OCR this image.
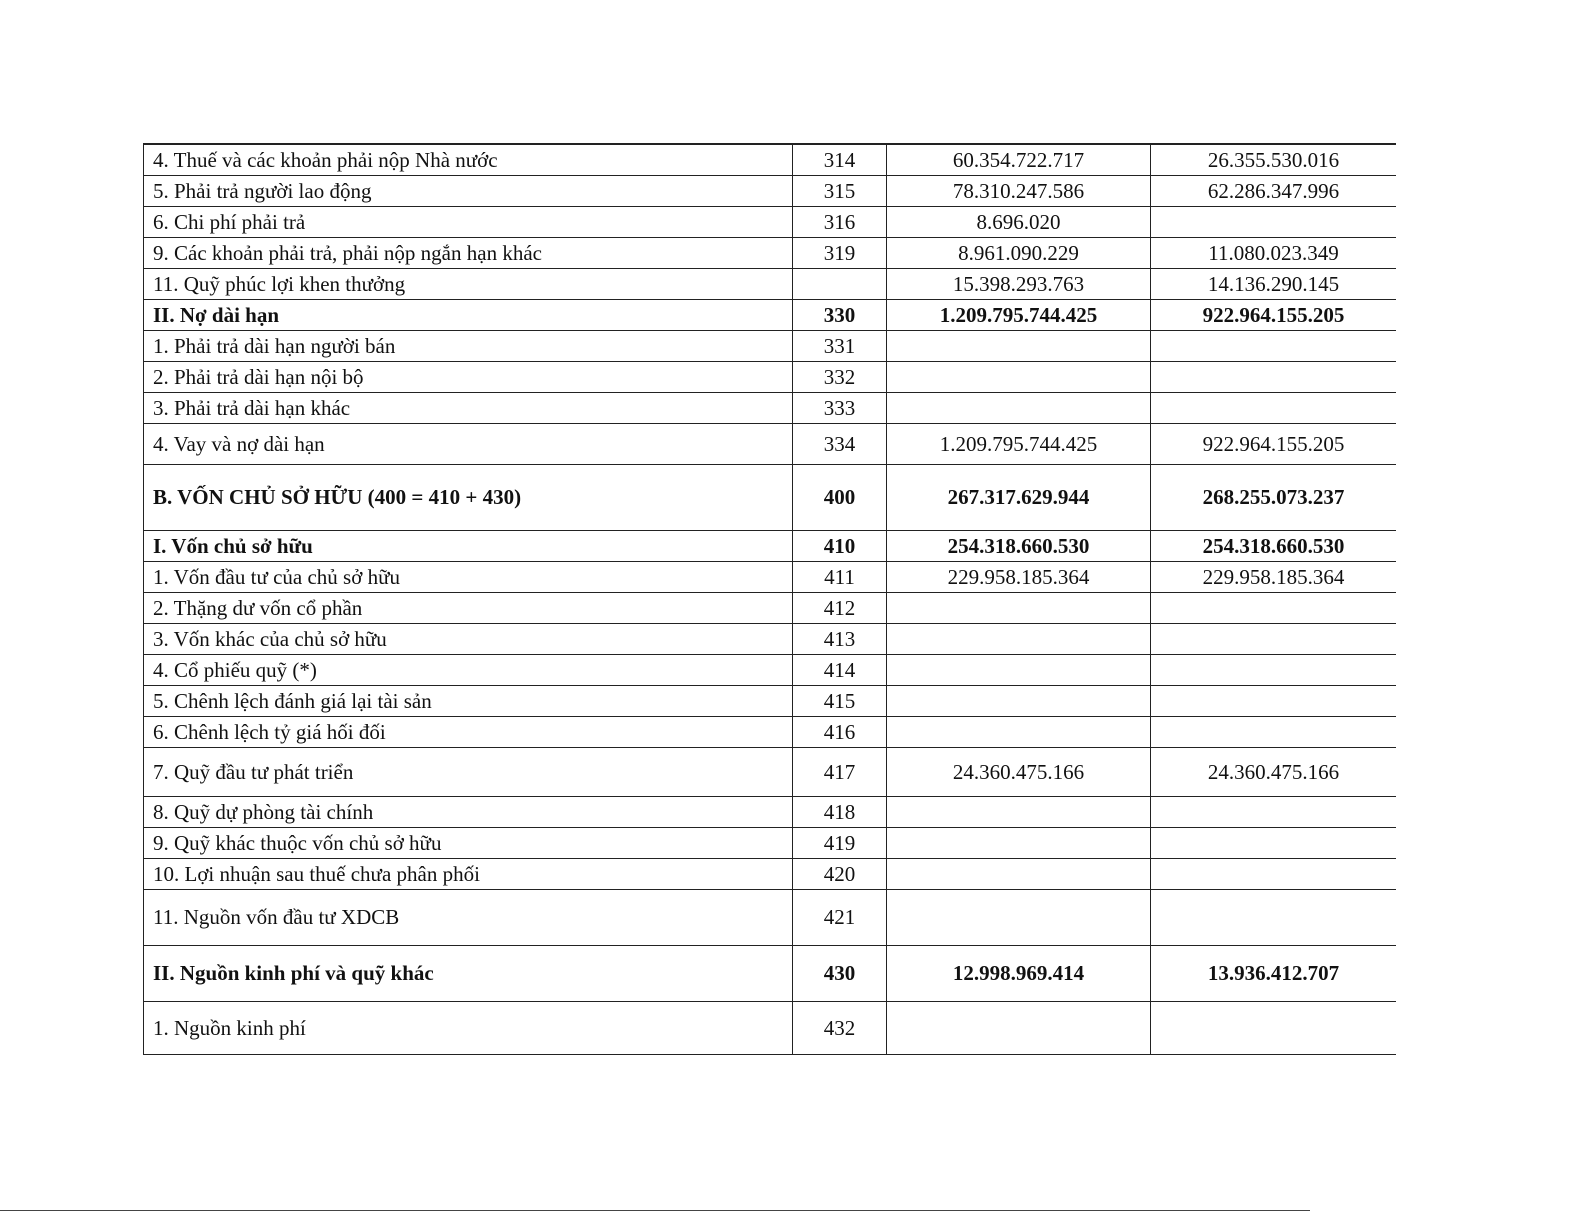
4. Thuế và các khoản phải nộp Nhà nước	314	60.354.722.717	26.355.530.016
5. Phải trả người lao động	315	78.310.247.586	62.286.347.996
6. Chi phí phải trả	316	8.696.020	
9. Các khoản phải trả, phải nộp ngắn hạn khác	319	8.961.090.229	11.080.023.349
11. Quỹ phúc lợi khen thưởng		15.398.293.763	14.136.290.145
II. Nợ dài hạn	330	1.209.795.744.425	922.964.155.205
1. Phải trả dài hạn người bán	331		
2. Phải trả dài hạn nội bộ	332		
3. Phải trả dài hạn khác	333		
4. Vay và nợ dài hạn	334	1.209.795.744.425	922.964.155.205
B. VỐN CHỦ SỞ HỮU (400 = 410 + 430)	400	267.317.629.944	268.255.073.237
I. Vốn chủ sở hữu	410	254.318.660.530	254.318.660.530
1. Vốn đầu tư của chủ sở hữu	411	229.958.185.364	229.958.185.364
2. Thặng dư vốn cổ phần	412		
3. Vốn khác của chủ sở hữu	413		
4. Cổ phiếu quỹ (*)	414		
5. Chênh lệch đánh giá lại tài sản	415		
6. Chênh lệch tỷ giá hối đối	416		
7. Quỹ đầu tư phát triển	417	24.360.475.166	24.360.475.166
8. Quỹ dự phòng tài chính	418		
9. Quỹ khác thuộc vốn chủ sở hữu	419		
10. Lợi nhuận sau thuế chưa phân phối	420		
11. Nguồn vốn đầu tư XDCB	421		
II. Nguồn kinh phí và quỹ khác	430	12.998.969.414	13.936.412.707
1. Nguồn kinh phí	432		
